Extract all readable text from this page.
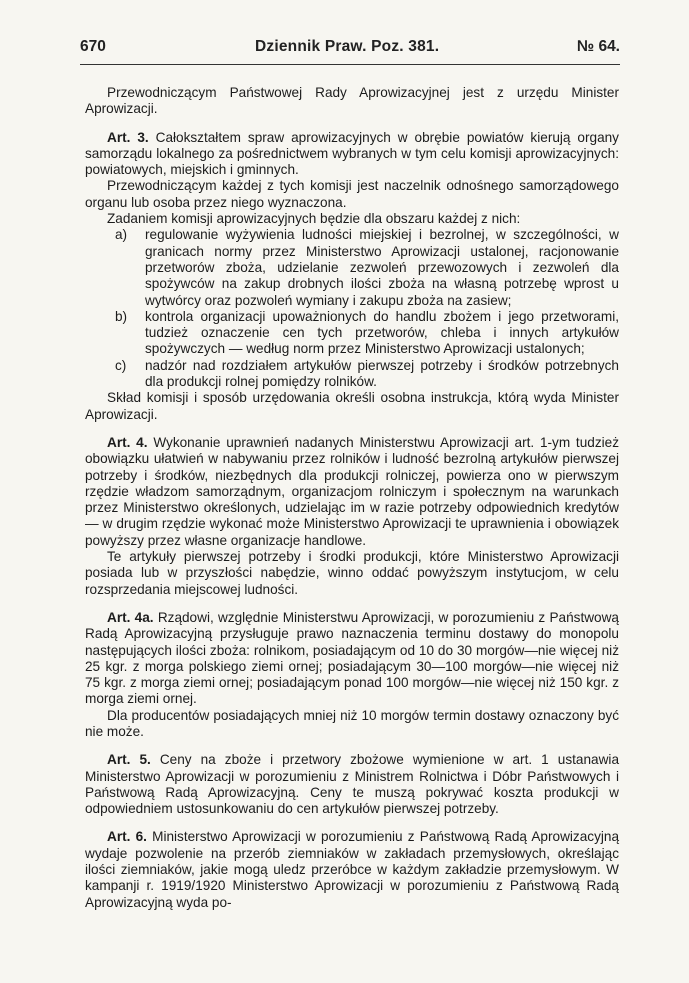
670	Dziennik Praw. Poz. 381.	№ 64.

Przewodniczącym Państwowej Rady Aprowizacyjnej jest z urzędu Ministe​r Aprowizacji.

Art. 3. Całokształtem spraw aprowizacyjnych w obrębie powiatów kierują organy samorządu lokalnego za pośrednictwem wybranych w tym celu komisji aprowizacyjnych: powiatowych, miejskich i gminnych.

Przewodniczącym każdej z tych komisji jest naczelnik odnośnego samorządowego organu lub osoba przez niego wyznaczona.

Zadaniem komisji aprowizacyjnych będzie dla obszaru każdej z nich:

a)	regulowanie wyżywienia ludności miejskiej i bezrolnej, w szczególności, w granicach normy przez Ministerstwo Aprowizacji ustalonej, racjonowanie przetworów zboża, udzielanie zezwoleń przewozowych i zezwoleń dla spożywców na zakup drobnych ilości zboża na własną potrzebę wprost u wytwórcy oraz pozwoleń wymiany i zakupu zboża na zasiew;
b)	kontrola organizacji upoważnionych do handlu zbożem i jego przetworami, tudzież oznaczenie cen tych przetworów, chleba i innych artykułów spożywczych — według norm przez Ministerstwo Aprowizacji ustalonych;
c)	nadzór nad rozdziałem artykułów pierwszej potrzeby i środków potrzebnych dla produkcji rolnej pomiędzy rolników.

Skład komisji i sposób urzędowania określi osobna instrukcja, którą wyda Minister Aprowizacji.

Art. 4. Wykonanie uprawnień nadanych Ministerstwu Aprowizacji art. 1-ym tudzież obowiązku ułatwień w nabywaniu przez rolników i ludność bezrolną artykułów pierwszej potrzeby i środków, niezbędnych dla produkcji rolniczej, powierza ono w pierwszym rzędzie władzom samorządnym, organizacjom rolniczym i społecznym na warunkach przez Ministerstwo określonych, udzielając im w razie potrzeby odpowiednich kredytów — w drugim rzędzie wykonać może Ministerstwo Aprowizacji te uprawnienia i obowiązek powyższy przez własne organizacje handlowe.

Te artykuły pierwszej potrzeby i środki produkcji, które Ministerstwo Aprowizacji posiada lub w przyszłości nabędzie, winno oddać powyższym instytucjom, w celu rozsprzedania miejscowej ludności.

Art. 4a. Rządowi, względnie Ministerstwu Aprowizacji, w porozumieniu z Państwową Radą Aprowizacyjną przysługuje prawo naznaczenia terminu dostawy do monopolu następujących ilości zboża: rolnikom, posiadającym od 10 do 30 morgów—nie więcej niż 25 kgr. z morga polskiego ziemi ornej; posiadającym 30—100 morgów—nie więcej niż 75 kgr. z morga ziemi ornej; posiadającym ponad 100 morgów—nie więcej niż 150 kgr. z morga ziemi ornej.

Dla producentów posiadających mniej niż 10 morgów termin dostawy oznaczony być nie może.

Art. 5. Ceny na zboże i przetwory zbożowe wymienione w art. 1 ustanawia Ministerstwo Aprowizacji w porozumieniu z Ministrem Rolnictwa i Dóbr Państwowych i Państwową Radą Aprowizacyjną. Ceny te muszą pokrywać koszta produkcji w odpowiedniem ustosunkowaniu do cen artykułów pierwszej potrzeby.

Art. 6. Ministerstwo Aprowizacji w porozumieniu z Państwową Radą Aprowizacyjną wydaje pozwolenie na przerób ziemniaków w zakładach przemysłowych, określając ilości ziemniaków, jakie mogą uledz przeróbce w każdym zakładzie przemysłowym. W kampanji r. 1919/1920 Ministerstwo Aprowizacji w porozumieniu z Państwową Radą Aprowizacyjną wyda po-
